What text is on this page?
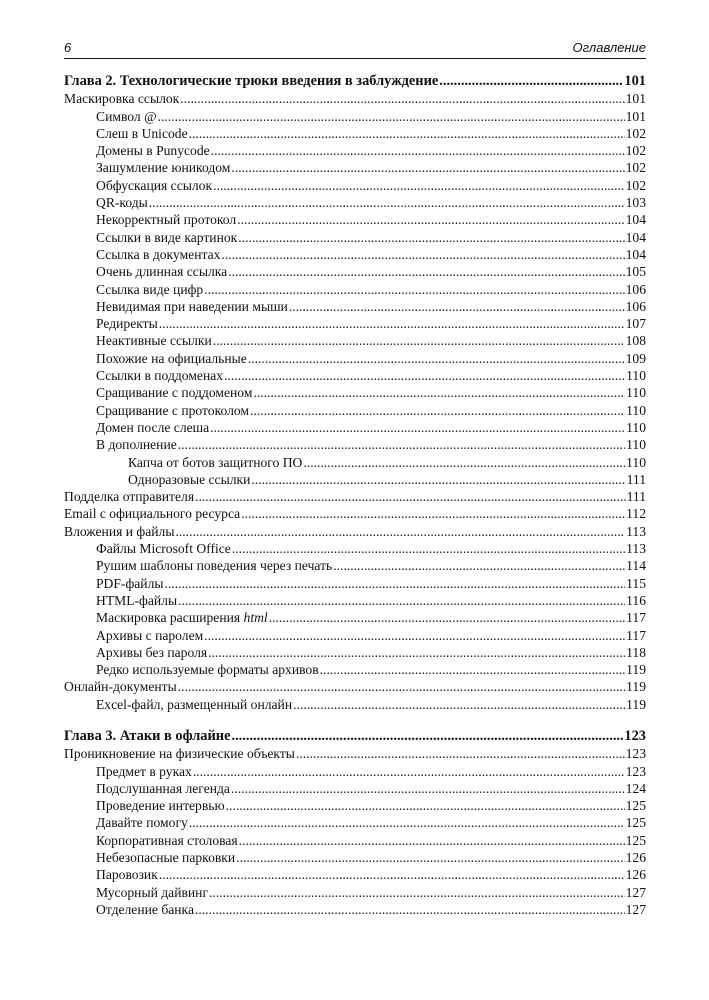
6	Оглавление
Глава 2. Технологические трюки введения в заблуждение .....	101
Маскировка ссылок .....	101
Символ @ .....	101
Слеш в Unicode .....	102
Домены в Punycode .....	102
Зашумление юникодом .....	102
Обфускация ссылок .....	102
QR-коды .....	103
Некорректный протокол .....	104
Ссылки в виде картинок .....	104
Ссылка в документах .....	104
Очень длинная ссылка .....	105
Ссылка виде цифр .....	106
Невидимая при наведении мыши .....	106
Редиректы .....	107
Неактивные ссылки .....	108
Похожие на официальные .....	109
Ссылки в поддоменах .....	110
Сращивание с поддоменом .....	110
Сращивание с протоколом .....	110
Домен после слеша .....	110
В дополнение .....	110
Капча от ботов защитного ПО .....	110
Одноразовые ссылки .....	111
Подделка отправителя .....	111
Email с официального ресурса .....	112
Вложения и файлы .....	113
Файлы Microsoft Office .....	113
Рушим шаблоны поведения через печать .....	114
PDF-файлы .....	115
HTML-файлы .....	116
Маскировка расширения html .....	117
Архивы с паролем .....	117
Архивы без пароля .....	118
Редко используемые форматы архивов .....	119
Онлайн-документы .....	119
Excel-файл, размещенный онлайн .....	119
Глава 3. Атаки в офлайне .....	123
Проникновение на физические объекты .....	123
Предмет в руках .....	123
Подслушанная легенда .....	124
Проведение интервью .....	125
Давайте помогу .....	125
Корпоративная столовая .....	125
Небезопасные парковки .....	126
Паровозик .....	126
Мусорный дайвинг .....	127
Отделение банка .....	127
